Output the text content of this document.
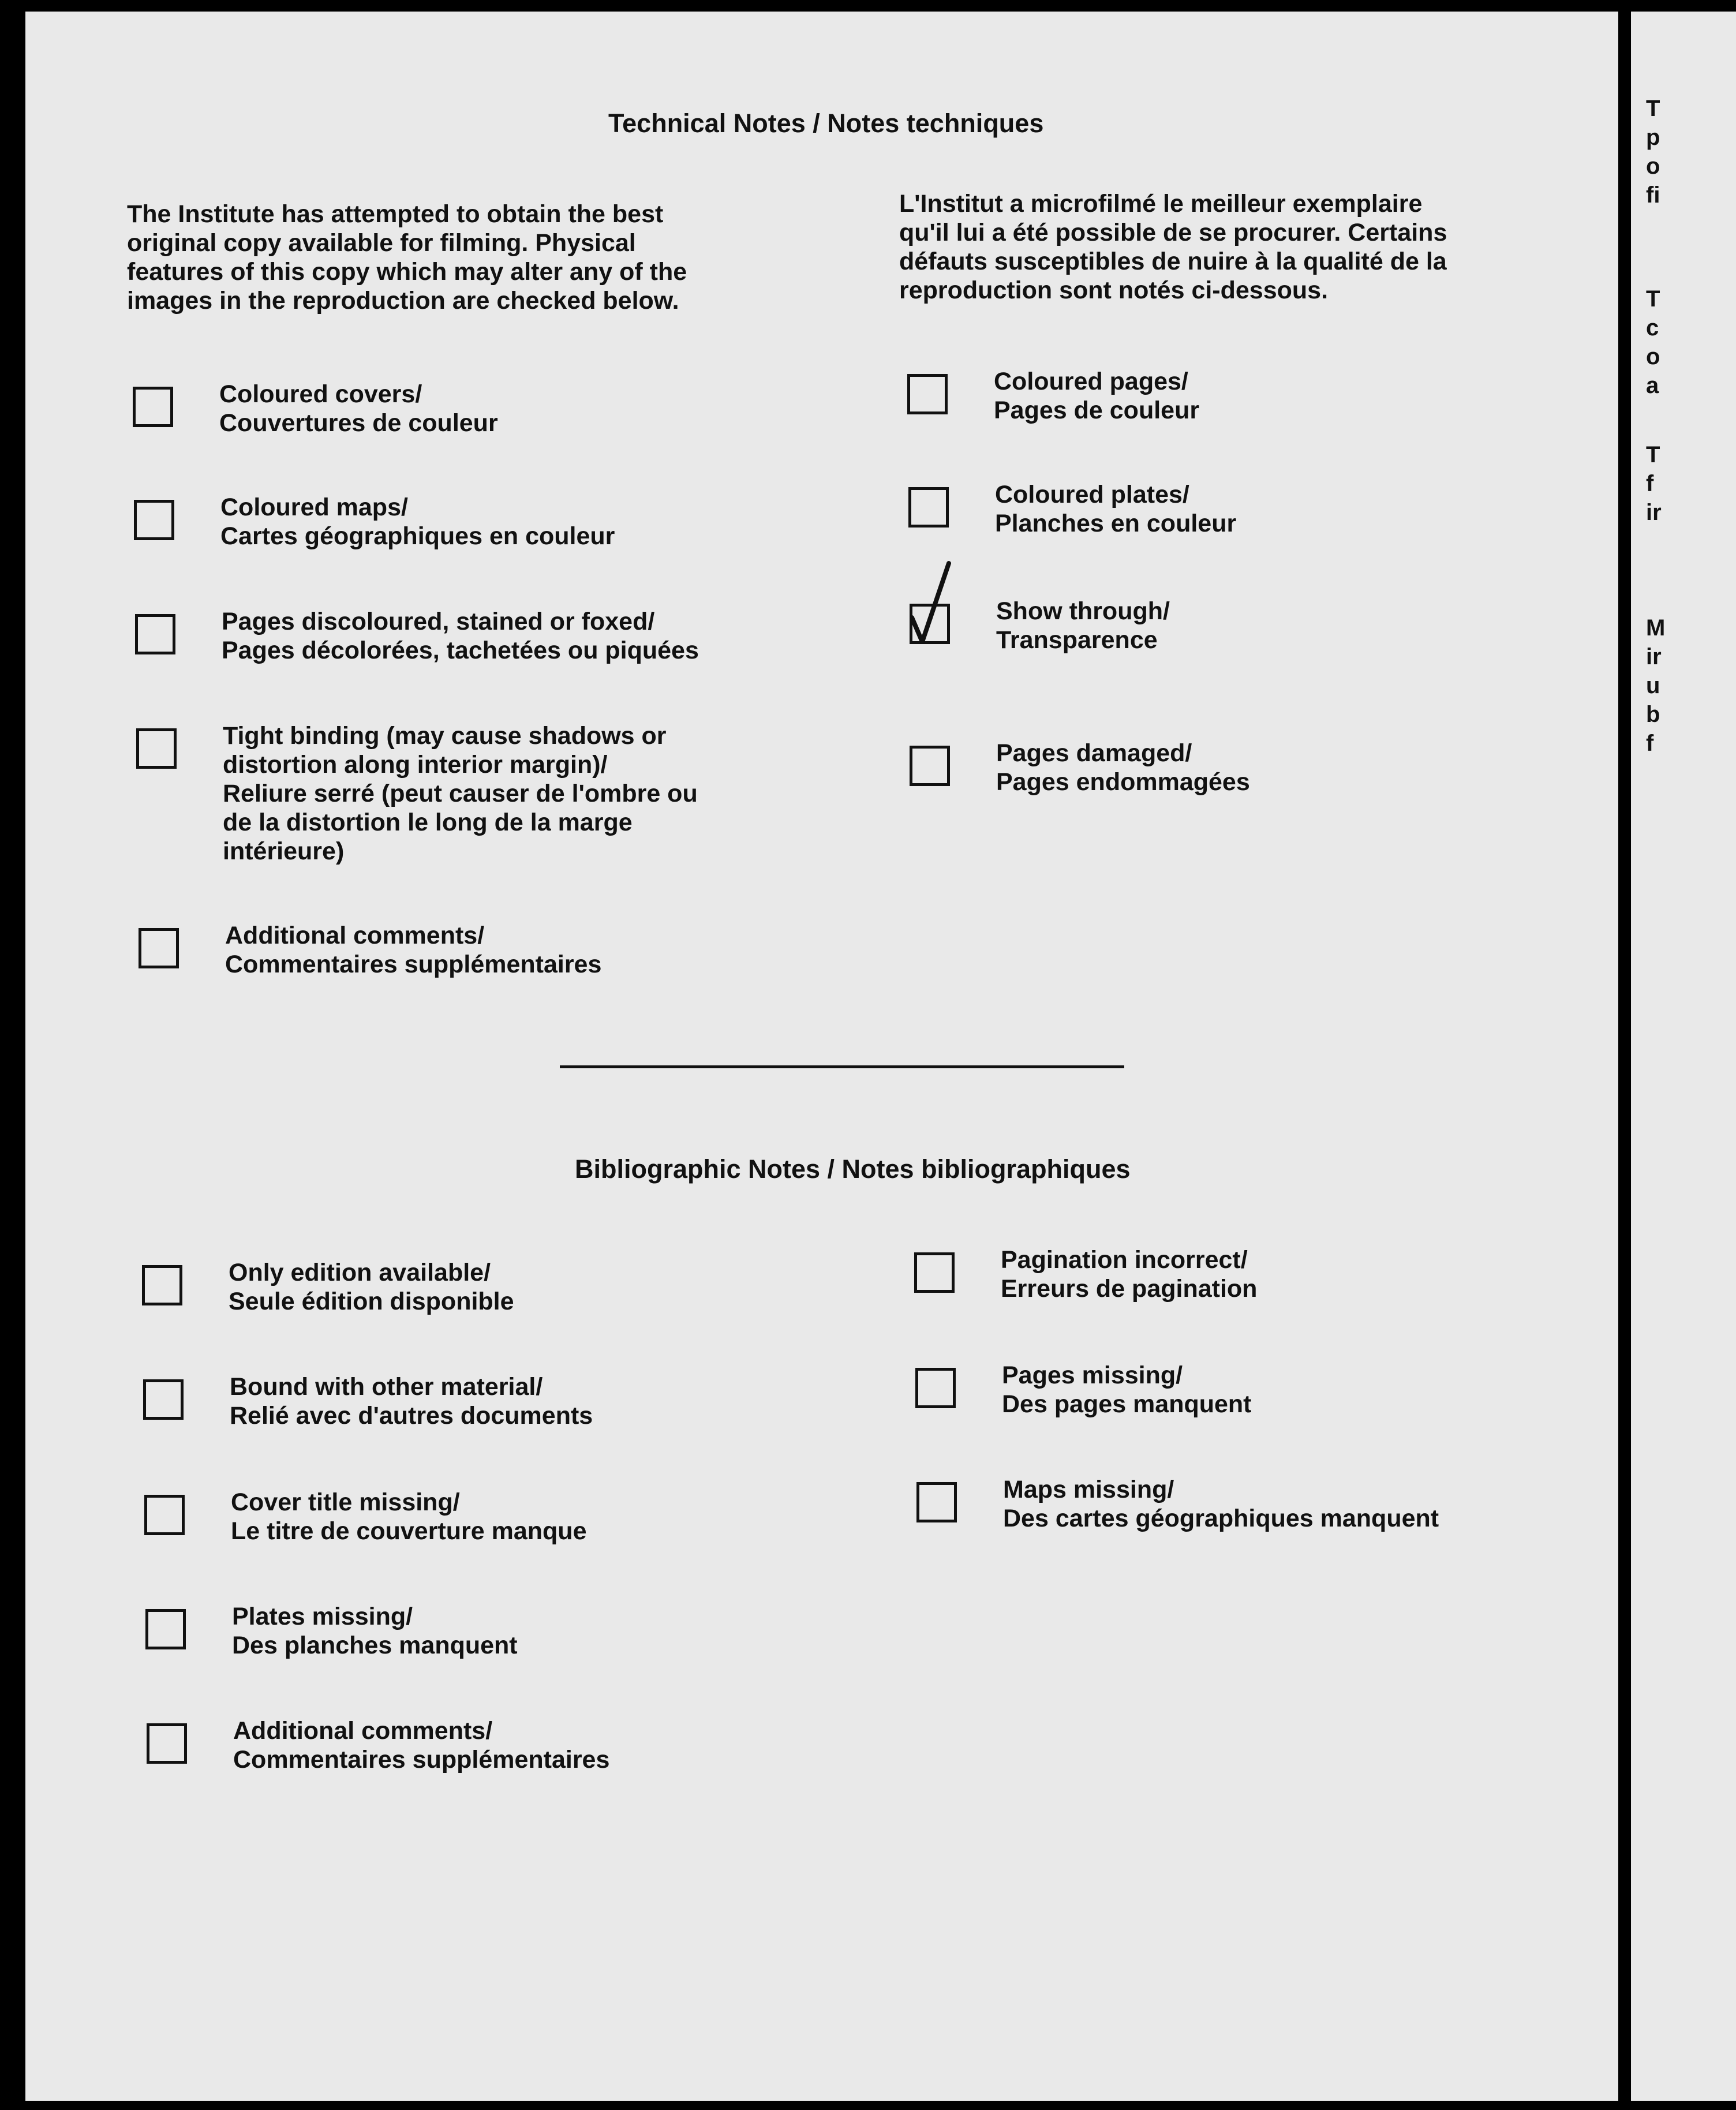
T
p
o
fi
T
c
o
a
T
f
ir
M
ir
u
b
f
Technical Notes / Notes techniques
The Institute has attempted to obtain the best
original copy available for filming. Physical
features of this copy which may alter any of the
images in the reproduction are checked below.
L'Institut a microfilmé le meilleur exemplaire
qu'il lui a été possible de se procurer. Certains
défauts susceptibles de nuire à la qualité de la
reproduction sont notés ci-dessous.
Coloured covers/
Couvertures de couleur
Coloured maps/
Cartes géographiques en couleur
Pages discoloured, stained or foxed/
Pages décolorées, tachetées ou piquées
Tight binding (may cause shadows or
distortion along interior margin)/
Reliure serré (peut causer de l'ombre ou
de la distortion le long de la marge
intérieure)
Additional comments/
Commentaires supplémentaires
Coloured pages/
Pages de couleur
Coloured plates/
Planches en couleur
Show through/
Transparence
Pages damaged/
Pages endommagées
Bibliographic Notes / Notes bibliographiques
Only edition available/
Seule édition disponible
Bound with other material/
Relié avec d'autres documents
Cover title missing/
Le titre de couverture manque
Plates missing/
Des planches manquent
Additional comments/
Commentaires supplémentaires
Pagination incorrect/
Erreurs de pagination
Pages missing/
Des pages manquent
Maps missing/
Des cartes géographiques manquent
